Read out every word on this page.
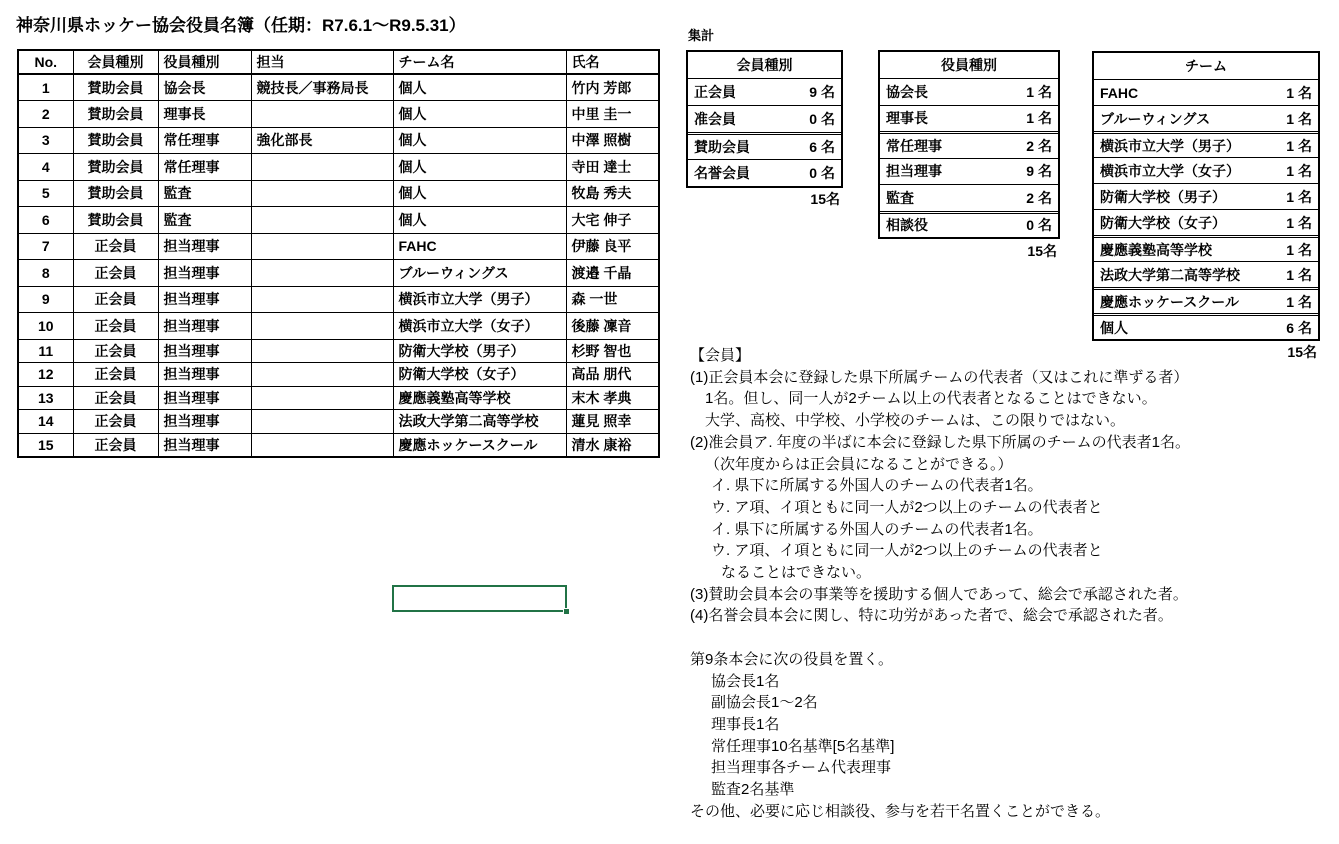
神奈川県ホッケー協会役員名簿（任期：R7.6.1～R9.5.31）
No.	会員種別	役員種別	担当	チーム名	氏名
1	賛助会員	協会長	競技長／事務局長	個人	竹内 芳郎
2	賛助会員	理事長		個人	中里 圭一
3	賛助会員	常任理事	強化部長	個人	中澤 照樹
4	賛助会員	常任理事		個人	寺田 達士
5	賛助会員	監査		個人	牧島 秀夫
6	賛助会員	監査		個人	大宅 伸子
7	正会員	担当理事		FAHC	伊藤 良平
8	正会員	担当理事		ブルーウィングス	渡邉 千晶
9	正会員	担当理事		横浜市立大学（男子）	森 一世
10	正会員	担当理事		横浜市立大学（女子）	後藤 凜音
11	正会員	担当理事		防衛大学校（男子）	杉野 智也
12	正会員	担当理事		防衛大学校（女子）	高品 朋代
13	正会員	担当理事		慶應義塾高等学校	末木 孝典
14	正会員	担当理事		法政大学第二高等学校	蓮見 照幸
15	正会員	担当理事		慶應ホッケースクール	清水 康裕
集計
会員種別
正会員	9 名
准会員	0 名
賛助会員	6 名
名誉会員	0 名
15名
役員種別
協会長	1 名
理事長	1 名
常任理事	2 名
担当理事	9 名
監査	2 名
相談役	0 名
15名
チーム
FAHC	1 名
ブルーウィングス	1 名
横浜市立大学（男子）	1 名
横浜市立大学（女子）	1 名
防衛大学校（男子）	1 名
防衛大学校（女子）	1 名
慶應義塾高等学校	1 名
法政大学第二高等学校	1 名
慶應ホッケースクール	1 名
個人	6 名
15名
【会員】
(1)正会員本会に登録した県下所属チームの代表者（又はこれに準ずる者）
1名。但し、同一人が2チーム以上の代表者となることはできない。
大学、高校、中学校、小学校のチームは、この限りではない。
(2)准会員ア. 年度の半ばに本会に登録した県下所属のチームの代表者1名。
（次年度からは正会員になることができる。）
イ. 県下に所属する外国人のチームの代表者1名。
ウ. ア項、イ項ともに同一人が2つ以上のチームの代表者と
イ. 県下に所属する外国人のチームの代表者1名。
ウ. ア項、イ項ともに同一人が2つ以上のチームの代表者と
なることはできない。
(3)賛助会員本会の事業等を援助する個人であって、総会で承認された者。
(4)名誉会員本会に関し、特に功労があった者で、総会で承認された者。

第9条本会に次の役員を置く。
協会長1名
副協会長1～2名
理事長1名
常任理事10名基準[5名基準]
担当理事各チーム代表理事
監査2名基準
その他、必要に応じ相談役、参与を若干名置くことができる。
